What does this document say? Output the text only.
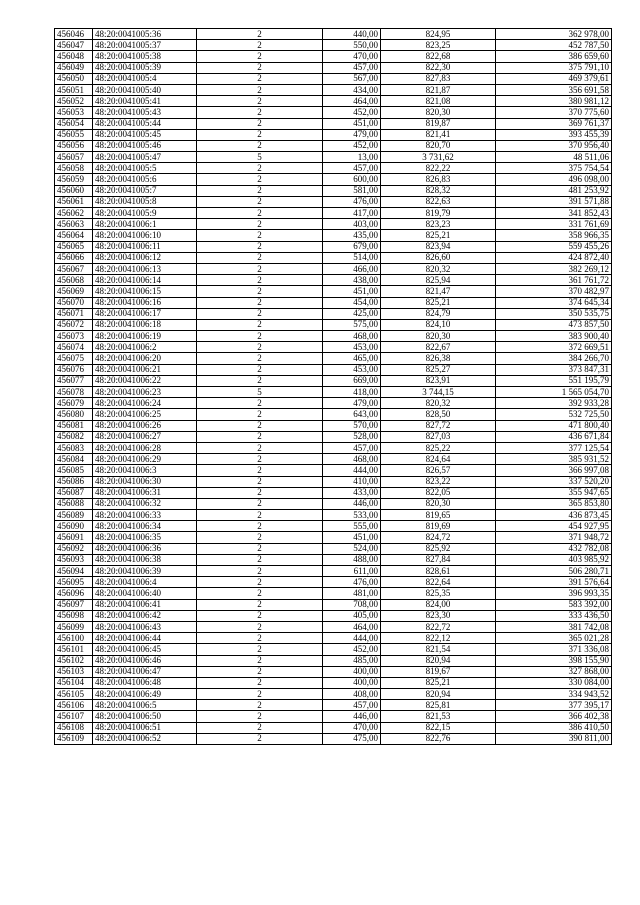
456046	48:20:0041005:36	2	440,00	824,95	362 978,00
456047	48:20:0041005:37	2	550,00	823,25	452 787,50
456048	48:20:0041005:38	2	470,00	822,68	386 659,60
456049	48:20:0041005:39	2	457,00	822,30	375 791,10
456050	48:20:0041005:4	2	567,00	827,83	469 379,61
456051	48:20:0041005:40	2	434,00	821,87	356 691,58
456052	48:20:0041005:41	2	464,00	821,08	380 981,12
456053	48:20:0041005:43	2	452,00	820,30	370 775,60
456054	48:20:0041005:44	2	451,00	819,87	369 761,37
456055	48:20:0041005:45	2	479,00	821,41	393 455,39
456056	48:20:0041005:46	2	452,00	820,70	370 956,40
456057	48:20:0041005:47	5	13,00	3 731,62	48 511,06
456058	48:20:0041005:5	2	457,00	822,22	375 754,54
456059	48:20:0041005:6	2	600,00	826,83	496 098,00
456060	48:20:0041005:7	2	581,00	828,32	481 253,92
456061	48:20:0041005:8	2	476,00	822,63	391 571,88
456062	48:20:0041005:9	2	417,00	819,79	341 852,43
456063	48:20:0041006:1	2	403,00	823,23	331 761,69
456064	48:20:0041006:10	2	435,00	825,21	358 966,35
456065	48:20:0041006:11	2	679,00	823,94	559 455,26
456066	48:20:0041006:12	2	514,00	826,60	424 872,40
456067	48:20:0041006:13	2	466,00	820,32	382 269,12
456068	48:20:0041006:14	2	438,00	825,94	361 761,72
456069	48:20:0041006:15	2	451,00	821,47	370 482,97
456070	48:20:0041006:16	2	454,00	825,21	374 645,34
456071	48:20:0041006:17	2	425,00	824,79	350 535,75
456072	48:20:0041006:18	2	575,00	824,10	473 857,50
456073	48:20:0041006:19	2	468,00	820,30	383 900,40
456074	48:20:0041006:2	2	453,00	822,67	372 669,51
456075	48:20:0041006:20	2	465,00	826,38	384 266,70
456076	48:20:0041006:21	2	453,00	825,27	373 847,31
456077	48:20:0041006:22	2	669,00	823,91	551 195,79
456078	48:20:0041006:23	5	418,00	3 744,15	1 565 054,70
456079	48:20:0041006:24	2	479,00	820,32	392 933,28
456080	48:20:0041006:25	2	643,00	828,50	532 725,50
456081	48:20:0041006:26	2	570,00	827,72	471 800,40
456082	48:20:0041006:27	2	528,00	827,03	436 671,84
456083	48:20:0041006:28	2	457,00	825,22	377 125,54
456084	48:20:0041006:29	2	468,00	824,64	385 931,52
456085	48:20:0041006:3	2	444,00	826,57	366 997,08
456086	48:20:0041006:30	2	410,00	823,22	337 520,20
456087	48:20:0041006:31	2	433,00	822,05	355 947,65
456088	48:20:0041006:32	2	446,00	820,30	365 853,80
456089	48:20:0041006:33	2	533,00	819,65	436 873,45
456090	48:20:0041006:34	2	555,00	819,69	454 927,95
456091	48:20:0041006:35	2	451,00	824,72	371 948,72
456092	48:20:0041006:36	2	524,00	825,92	432 782,08
456093	48:20:0041006:38	2	488,00	827,84	403 985,92
456094	48:20:0041006:39	2	611,00	828,61	506 280,71
456095	48:20:0041006:4	2	476,00	822,64	391 576,64
456096	48:20:0041006:40	2	481,00	825,35	396 993,35
456097	48:20:0041006:41	2	708,00	824,00	583 392,00
456098	48:20:0041006:42	2	405,00	823,30	333 436,50
456099	48:20:0041006:43	2	464,00	822,72	381 742,08
456100	48:20:0041006:44	2	444,00	822,12	365 021,28
456101	48:20:0041006:45	2	452,00	821,54	371 336,08
456102	48:20:0041006:46	2	485,00	820,94	398 155,90
456103	48:20:0041006:47	2	400,00	819,67	327 868,00
456104	48:20:0041006:48	2	400,00	825,21	330 084,00
456105	48:20:0041006:49	2	408,00	820,94	334 943,52
456106	48:20:0041006:5	2	457,00	825,81	377 395,17
456107	48:20:0041006:50	2	446,00	821,53	366 402,38
456108	48:20:0041006:51	2	470,00	822,15	386 410,50
456109	48:20:0041006:52	2	475,00	822,76	390 811,00
